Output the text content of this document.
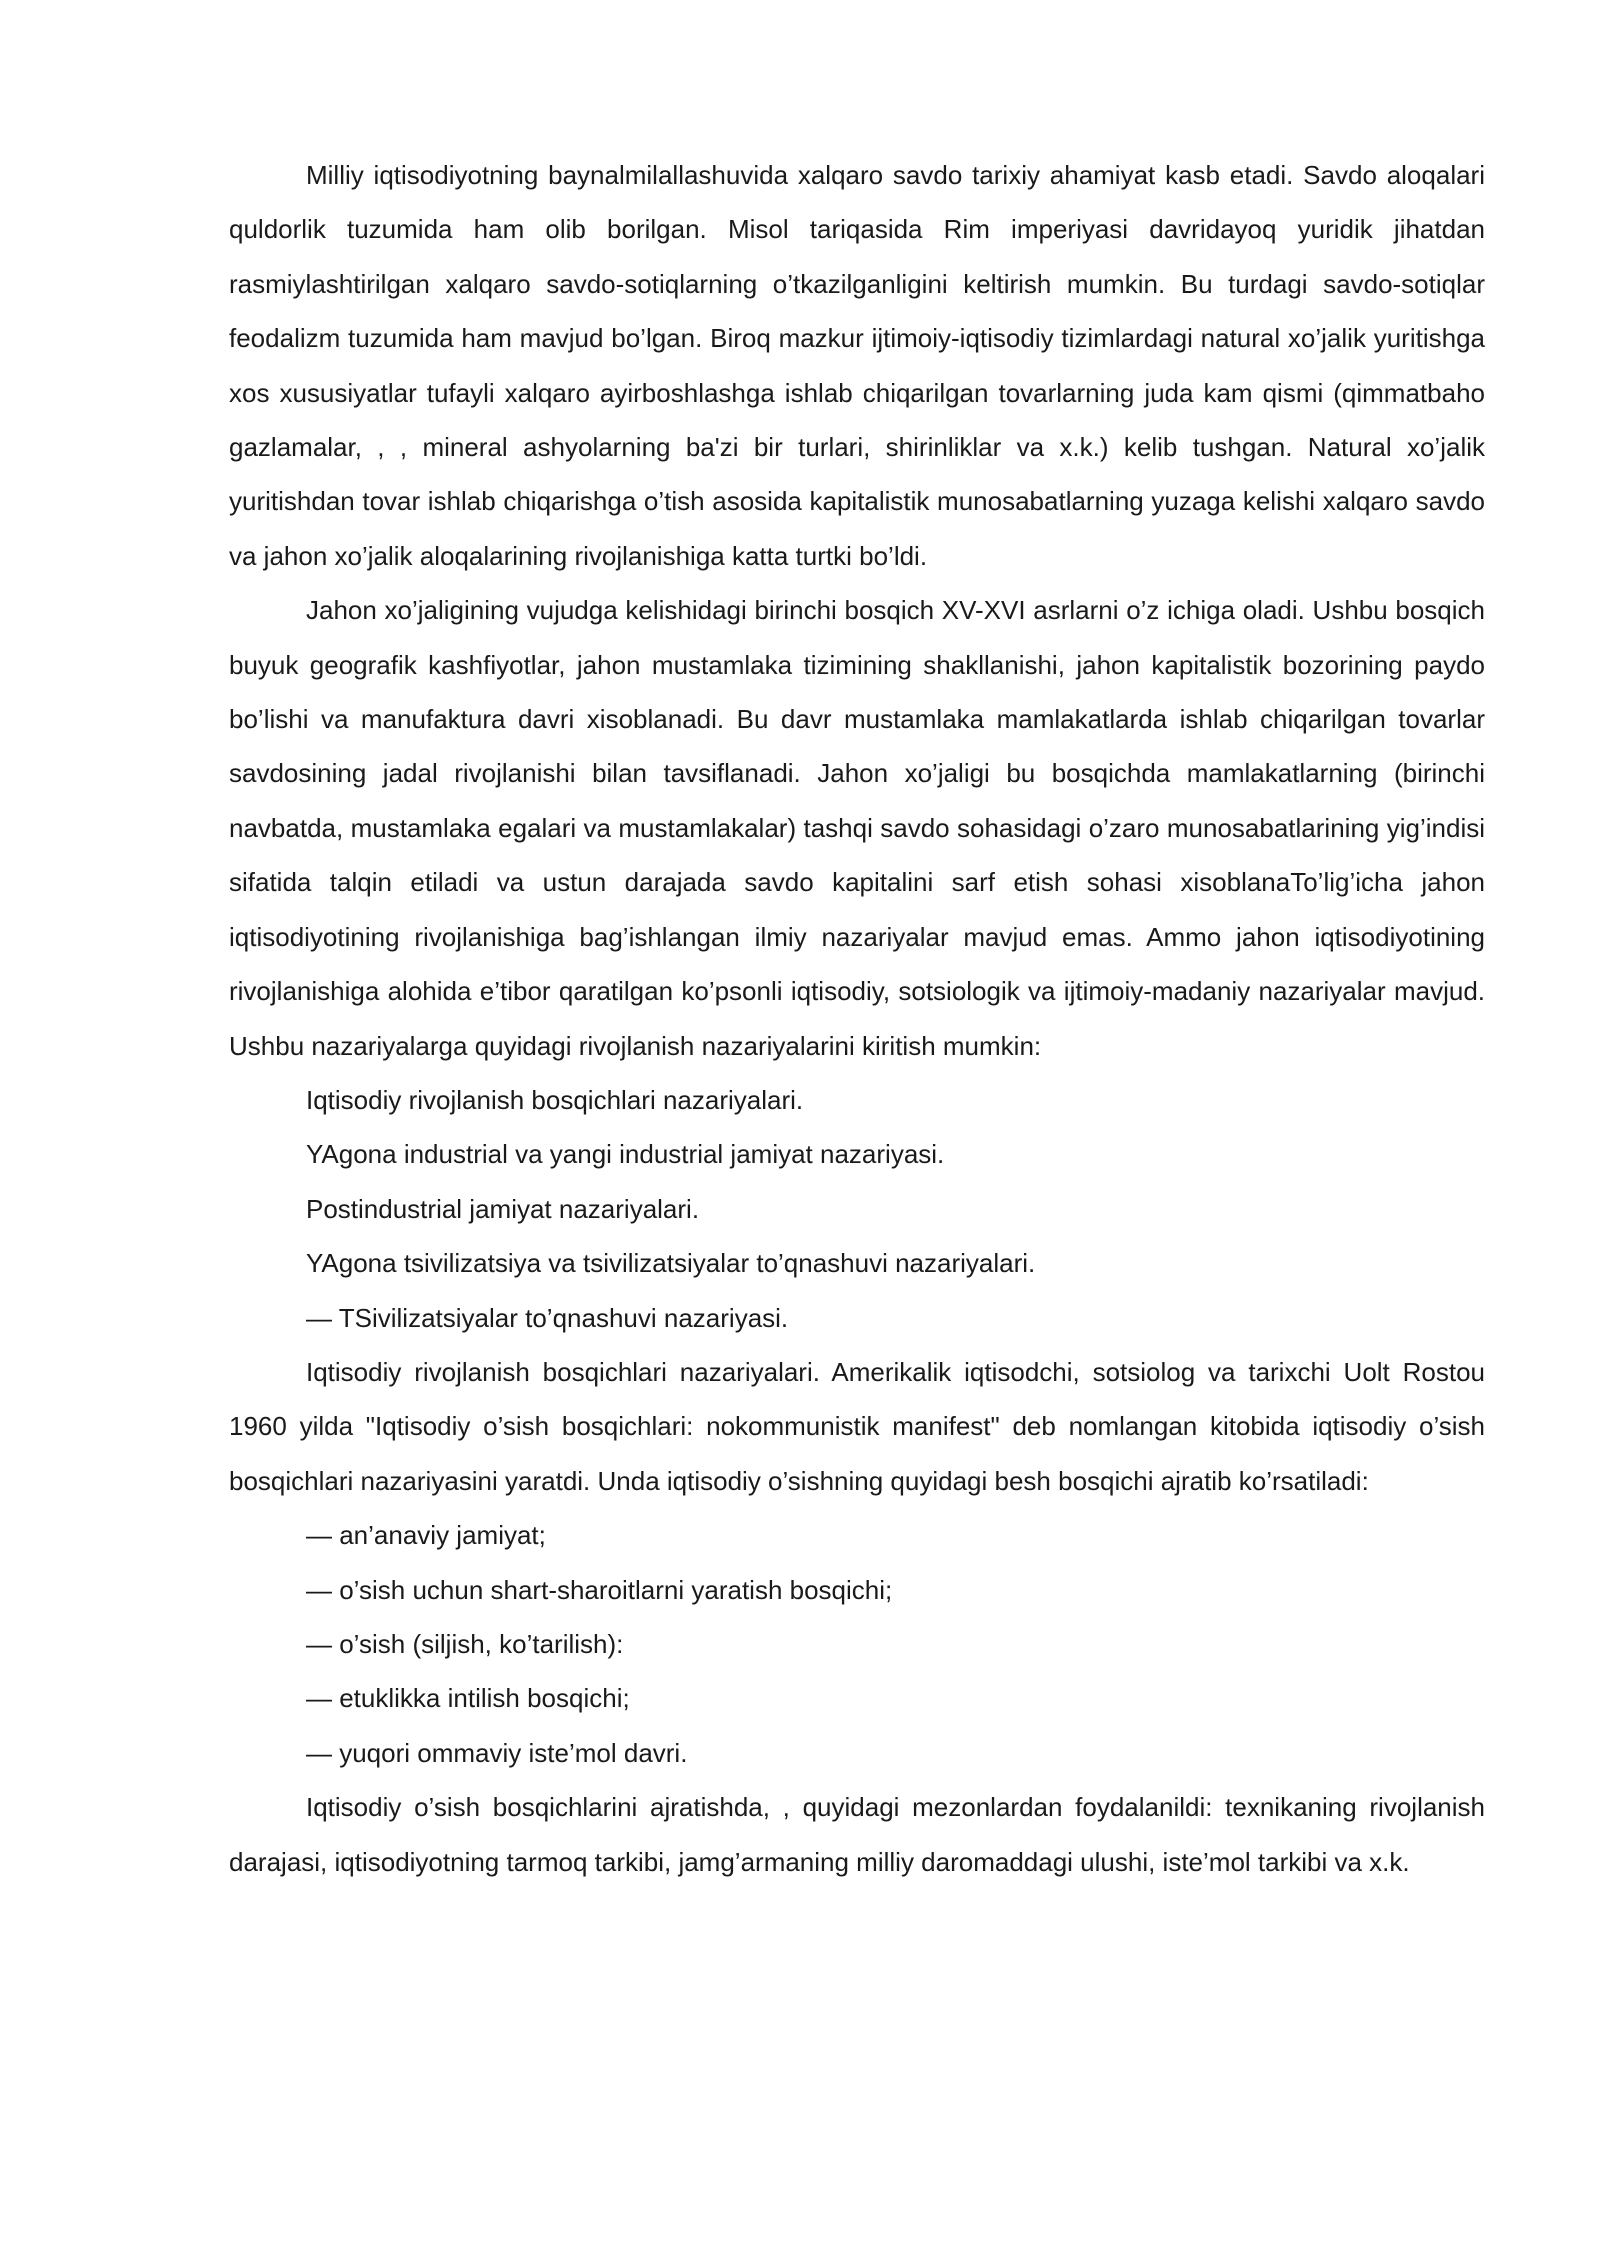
Milliy iqtisodiyotning baynalmilallashuvida xalqaro savdo tarixiy ahamiyat kasb etadi. Savdo aloqalari quldorlik tuzumida ham olib borilgan. Misol tariqasida Rim imperiyasi davridayoq yuridik jihatdan rasmiylashtirilgan xalqaro savdo-sotiqlarning o’tkazilganligini keltirish mumkin. Bu turdagi savdo-sotiqlar feodalizm tuzumida ham mavjud bo’lgan. Biroq mazkur ijtimoiy-iqtisodiy tizimlardagi natural xo’jalik yuritishga xos xususiyatlar tufayli xalqaro ayirboshlashga ishlab chiqarilgan tovarlarning juda kam qismi (qimmatbaho gazlamalar, , , mineral ashyolarning ba'zi bir turlari, shirinliklar va x.k.) kelib tushgan. Natural xo’jalik yuritishdan tovar ishlab chiqarishga o’tish asosida kapitalistik munosabatlarning yuzaga kelishi xalqaro savdo va jahon xo’jalik aloqalarining rivojlanishiga katta turtki bo’ldi.

Jahon xo’jaligining vujudga kelishidagi birinchi bosqich XV-XVI asrlarni o’z ichiga oladi. Ushbu bosqich buyuk geografik kashfiyotlar, jahon mustamlaka tizimining shakllanishi, jahon kapitalistik bozorining paydo bo’lishi va manufaktura davri xisoblanadi. Bu davr mustamlaka mamlakatlarda ishlab chiqarilgan tovarlar savdosining jadal rivojlanishi bilan tavsiflanadi. Jahon xo’jaligi bu bosqichda mamlakatlarning (birinchi navbatda, mustamlaka egalari va mustamlakalar) tashqi savdo sohasidagi o’zaro munosabatlarining yig’indisi sifatida talqin etiladi va ustun darajada savdo kapitalini sarf etish sohasi xisoblanaTo’lig’icha jahon iqtisodiyotining rivojlanishiga bag’ishlangan ilmiy nazariyalar mavjud emas. Ammo jahon iqtisodiyotining rivojlanishiga alohida e’tibor qaratilgan ko’psonli iqtisodiy, sotsiologik va ijtimoiy-madaniy nazariyalar mavjud. Ushbu nazariyalarga quyidagi rivojlanish nazariyalarini kiritish mumkin:

Iqtisodiy rivojlanish bosqichlari nazariyalari.

YAgona industrial va yangi industrial jamiyat nazariyasi.

Postindustrial jamiyat nazariyalari.

YAgona tsivilizatsiya va tsivilizatsiyalar to’qnashuvi nazariyalari.

— TSivilizatsiyalar to’qnashuvi nazariyasi.

Iqtisodiy rivojlanish bosqichlari nazariyalari. Amerikalik iqtisodchi, sotsiolog va tarixchi Uolt Rostou 1960 yilda "Iqtisodiy o’sish bosqichlari: nokommunistik manifest" deb nomlangan kitobida iqtisodiy o’sish bosqichlari nazariyasini yaratdi. Unda iqtisodiy o’sishning quyidagi besh bosqichi ajratib ko’rsatiladi:

— an’anaviy jamiyat;

— o’sish uchun shart-sharoitlarni yaratish bosqichi;

— o’sish (siljish, ko’tarilish):

— etuklikka intilish bosqichi;

— yuqori ommaviy iste’mol davri.

Iqtisodiy o’sish bosqichlarini ajratishda, , quyidagi mezonlardan foydalanildi: texnikaning rivojlanish darajasi, iqtisodiyotning tarmoq tarkibi, jamg’armaning milliy daromaddagi ulushi, iste’mol tarkibi va x.k.
